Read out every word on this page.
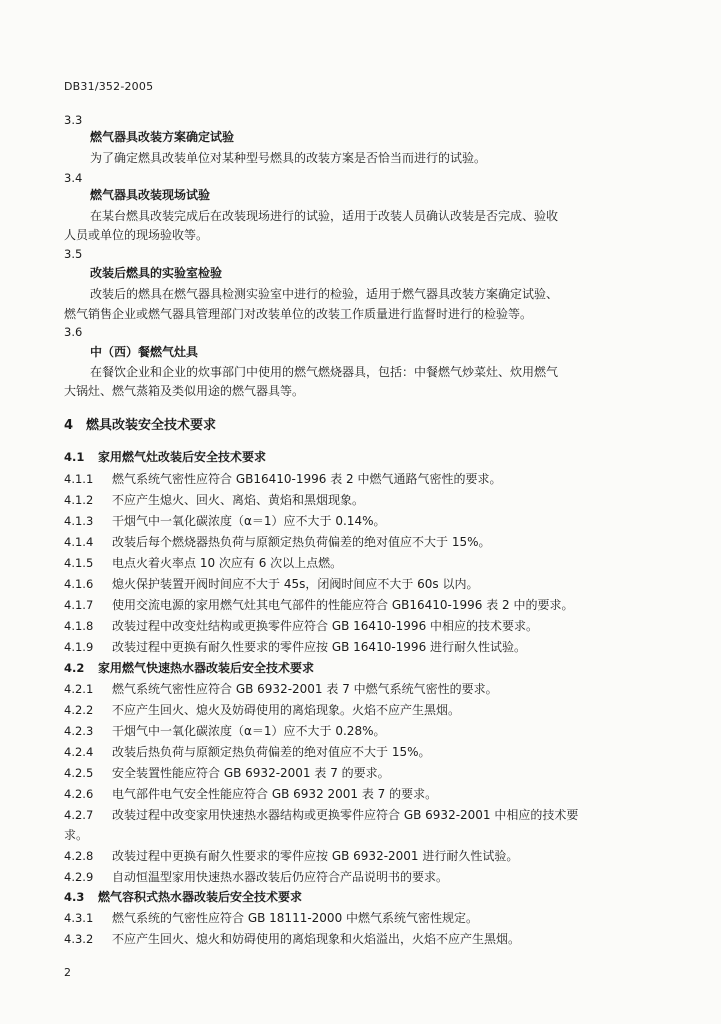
DB31/352-2005
3.3
燃气器具改装方案确定试验
为了确定燃具改装单位对某种型号燃具的改装方案是否恰当而进行的试验。
3.4
燃气器具改装现场试验
在某台燃具改装完成后在改装现场进行的试验，适用于改装人员确认改装是否完成、验收
人员或单位的现场验收等。
3.5
改装后燃具的实验室检验
改装后的燃具在燃气器具检测实验室中进行的检验，适用于燃气器具改装方案确定试验、
燃气销售企业或燃气器具管理部门对改装单位的改装工作质量进行监督时进行的检验等。
3.6
中（西）餐燃气灶具
在餐饮企业和企业的炊事部门中使用的燃气燃烧器具，包括：中餐燃气炒菜灶、炊用燃气
大锅灶、燃气蒸箱及类似用途的燃气器具等。
4　燃具改装安全技术要求
4.1 家用燃气灶改装后安全技术要求
4.1.1 燃气系统气密性应符合 GB16410-1996 表 2 中燃气通路气密性的要求。
4.1.2 不应产生熄火、回火、离焰、黄焰和黑烟现象。
4.1.3 干烟气中一氧化碳浓度（α＝1）应不大于 0.14%。
4.1.4 改装后每个燃烧器热负荷与原额定热负荷偏差的绝对值应不大于 15%。
4.1.5 电点火着火率点 10 次应有 6 次以上点燃。
4.1.6 熄火保护装置开阀时间应不大于 45s，闭阀时间应不大于 60s 以内。
4.1.7 使用交流电源的家用燃气灶其电气部件的性能应符合 GB16410-1996 表 2 中的要求。
4.1.8 改装过程中改变灶结构或更换零件应符合 GB 16410-1996 中相应的技术要求。
4.1.9 改装过程中更换有耐久性要求的零件应按 GB 16410-1996 进行耐久性试验。
4.2 家用燃气快速热水器改装后安全技术要求
4.2.1 燃气系统气密性应符合 GB 6932-2001 表 7 中燃气系统气密性的要求。
4.2.2 不应产生回火、熄火及妨碍使用的离焰现象。火焰不应产生黑烟。
4.2.3 干烟气中一氧化碳浓度（α＝1）应不大于 0.28%。
4.2.4 改装后热负荷与原额定热负荷偏差的绝对值应不大于 15%。
4.2.5 安全装置性能应符合 GB 6932-2001 表 7 的要求。
4.2.6 电气部件电气安全性能应符合 GB 6932 2001 表 7 的要求。
4.2.7 改装过程中改变家用快速热水器结构或更换零件应符合 GB 6932-2001 中相应的技术要
求。
4.2.8 改装过程中更换有耐久性要求的零件应按 GB 6932-2001 进行耐久性试验。
4.2.9 自动恒温型家用快速热水器改装后仍应符合产品说明书的要求。
4.3 燃气容积式热水器改装后安全技术要求
4.3.1 燃气系统的气密性应符合 GB 18111-2000 中燃气系统气密性规定。
4.3.2 不应产生回火、熄火和妨碍使用的离焰现象和火焰溢出，火焰不应产生黑烟。
2
